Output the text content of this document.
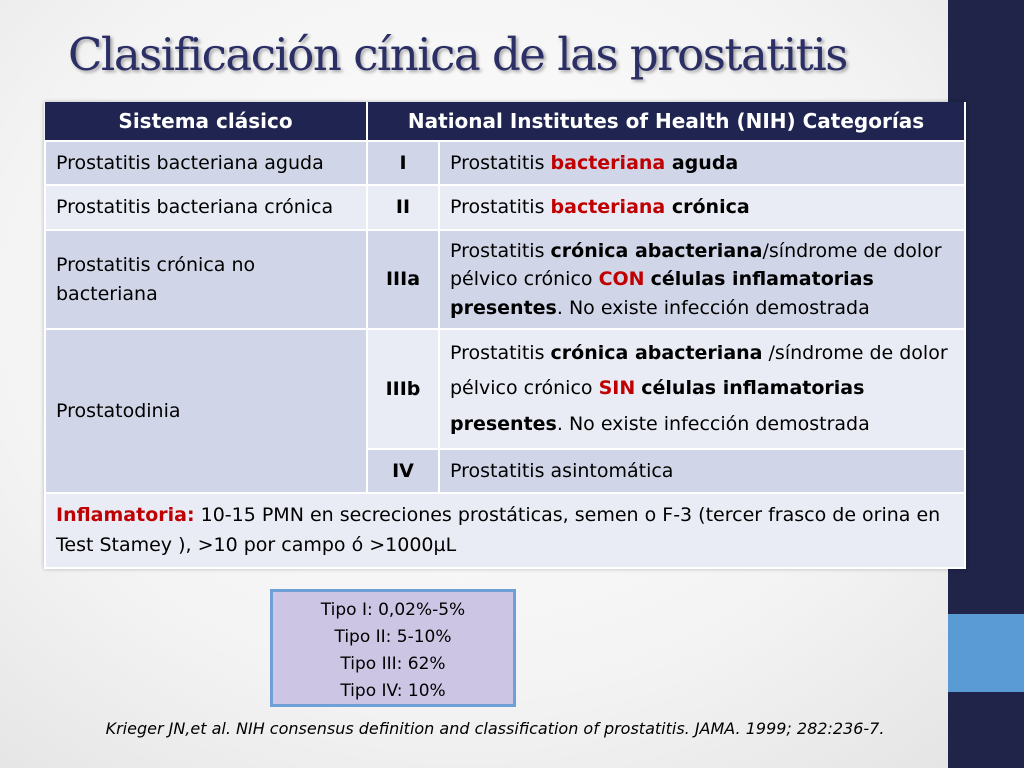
Clasificación cínica de las prostatitis
Sistema clásico	National Institutes of Health (NIH) Categorías	
Prostatitis bacteriana aguda	I	Prostatitis bacteriana aguda
Prostatitis bacteriana crónica	II	Prostatitis bacteriana crónica
Prostatitis crónica no bacteriana	IIIa	Prostatitis crónica abacteriana/síndrome de dolor pélvico crónico CON células inflamatorias presentes. No existe infección demostrada
Prostatodinia	IIIb	Prostatitis crónica abacteriana /síndrome de dolor pélvico crónico SIN células inflamatorias presentes. No existe infección demostrada
	IV	Prostatitis asintomática
Inflamatoria: 10-15 PMN en secreciones prostáticas, semen o F-3 (tercer frasco de orina en Test Stamey ), >10 por campo ó >1000µL		
Tipo I: 0,02%-5%
Tipo II: 5-10%
Tipo III: 62%
Tipo IV: 10%
Krieger JN,et al. NIH consensus definition and classification of prostatitis. JAMA. 1999; 282:236-7.
